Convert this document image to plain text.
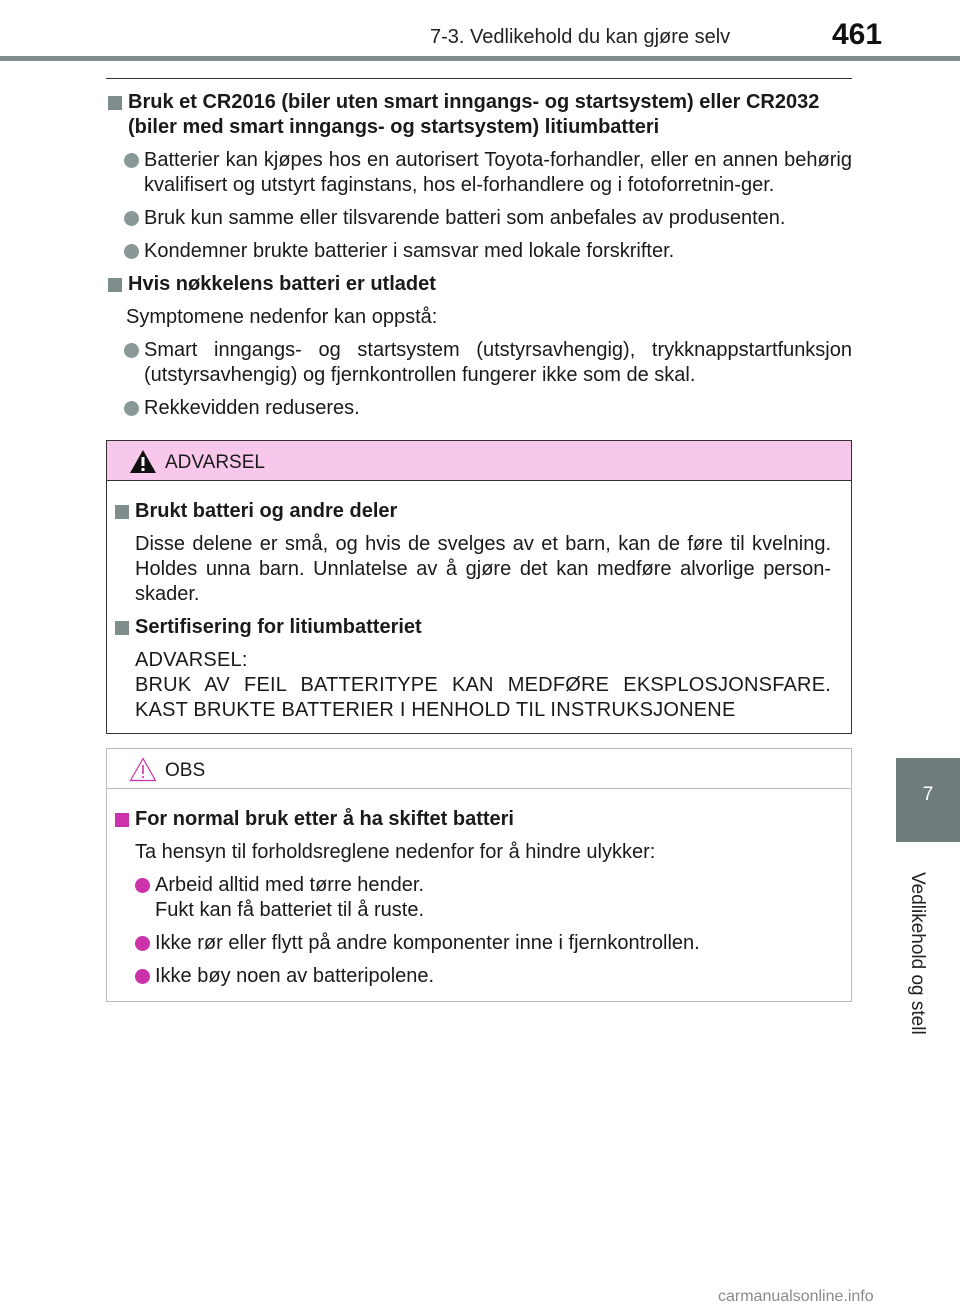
7-3. Vedlikehold du kan gjøre selv	461
7
Vedlikehold og stell
Bruk et CR2016 (biler uten smart inngangs- og startsystem) eller CR2032
(biler med smart inngangs- og startsystem) litiumbatteri
Batterier kan kjøpes hos en autorisert Toyota-forhandler, eller en annen behørig kvalifisert og utstyrt faginstans, hos el-forhandlere og i fotoforretnin-ger.
Bruk kun samme eller tilsvarende batteri som anbefales av produsenten.
Kondemner brukte batterier i samsvar med lokale forskrifter.
Hvis nøkkelens batteri er utladet
Symptomene nedenfor kan oppstå:
Smart inngangs- og startsystem (utstyrsavhengig), trykknappstartfunksjon (utstyrsavhengig) og fjernkontrollen fungerer ikke som de skal.
Rekkevidden reduseres.
ADVARSEL
Brukt batteri og andre deler
Disse delene er små, og hvis de svelges av et barn, kan de føre til kvelning. Holdes unna barn. Unnlatelse av å gjøre det kan medføre alvorlige person-skader.
Sertifisering for litiumbatteriet
ADVARSEL:

BRUK AV FEIL BATTERITYPE KAN MEDFØRE EKSPLOSJONSFARE. KAST BRUKTE BATTERIER I HENHOLD TIL INSTRUKSJONENE
OBS
For normal bruk etter å ha skiftet batteri
Ta hensyn til forholdsreglene nedenfor for å hindre ulykker:
Arbeid alltid med tørre hender.
Fukt kan få batteriet til å ruste.
Ikke rør eller flytt på andre komponenter inne i fjernkontrollen.
Ikke bøy noen av batteripolene.
carmanualsonline.info
